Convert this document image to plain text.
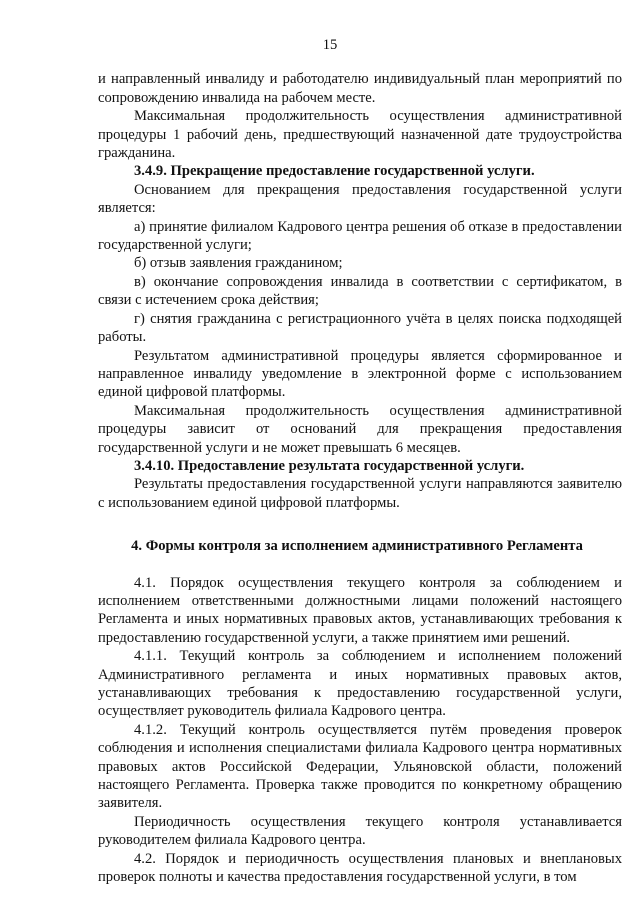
15

и направленный инвалиду и работодателю индивидуальный план мероприятий по сопровождению инвалида на рабочем месте.

Максимальная продолжительность осуществления административной процедуры 1 рабочий день, предшествующий назначенной дате трудоустройства гражданина.

3.4.9. Прекращение предоставление государственной услуги.

Основанием для прекращения предоставления государственной услуги является:

а) принятие филиалом Кадрового центра решения об отказе в предоставлении государственной услуги;

б) отзыв заявления гражданином;

в) окончание сопровождения инвалида в соответствии с сертификатом, в связи с истечением срока действия;

г) снятия гражданина с регистрационного учёта в целях поиска подходящей работы.

Результатом административной процедуры является сформированное и направленное инвалиду уведомление в электронной форме с использованием единой цифровой платформы.

Максимальная продолжительность осуществления административной процедуры зависит от оснований для прекращения предоставления государственной услуги и не может превышать 6 месяцев.

3.4.10. Предоставление результата государственной услуги.

Результаты предоставления государственной услуги направляются заявителю с использованием единой цифровой платформы.

4. Формы контроля за исполнением административного Регламента

4.1. Порядок осуществления текущего контроля за соблюдением и исполнением ответственными должностными лицами положений настоящего Регламента и иных нормативных правовых актов, устанавливающих требования к предоставлению государственной услуги, а также принятием ими решений.

4.1.1. Текущий контроль за соблюдением и исполнением положений Административного регламента и иных нормативных правовых актов, устанавливающих требования к предоставлению государственной услуги, осуществляет руководитель филиала Кадрового центра.

4.1.2. Текущий контроль осуществляется путём проведения проверок соблюдения и исполнения специалистами филиала Кадрового центра нормативных правовых актов Российской Федерации, Ульяновской области, положений настоящего Регламента. Проверка также проводится по конкретному обращению заявителя.

Периодичность осуществления текущего контроля устанавливается руководителем филиала Кадрового центра.

4.2. Порядок и периодичность осуществления плановых и внеплановых проверок полноты и качества предоставления государственной услуги, в том
